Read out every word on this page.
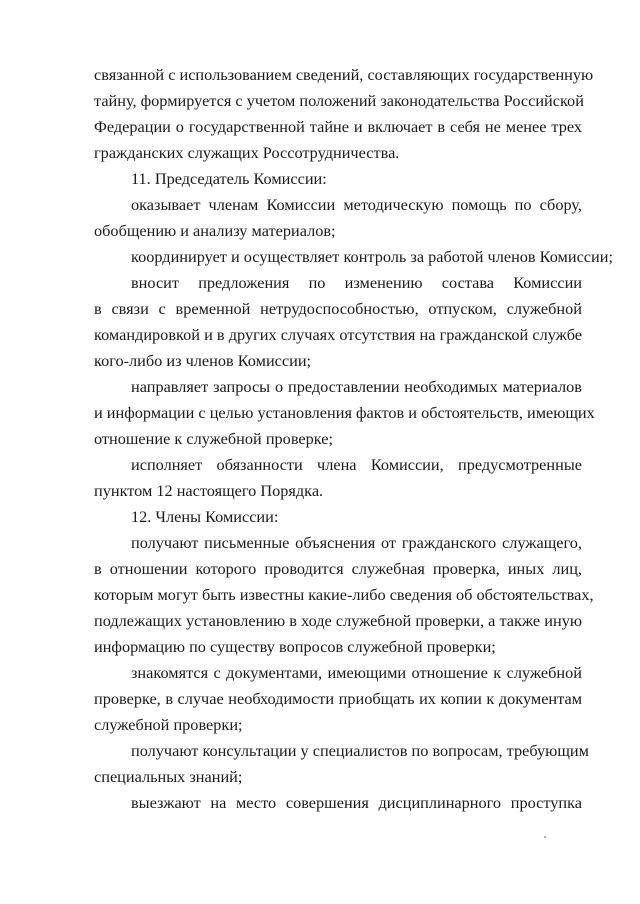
связанной с использованием сведений, составляющих государственную
тайну, формируется с учетом положений законодательства Российской
Федерации о государственной тайне и включает в себя не менее трех
гражданских служащих Россотрудничества.
11. Председатель Комиссии:
оказывает членам Комиссии методическую помощь по сбору,
обобщению и анализу материалов;
координирует и осуществляет контроль за работой членов Комиссии;
вносит предложения по изменению состава Комиссии
в связи с временной нетрудоспособностью, отпуском, служебной
командировкой и в других случаях отсутствия на гражданской службе
кого-либо из членов Комиссии;
направляет запросы о предоставлении необходимых материалов
и информации с целью установления фактов и обстоятельств, имеющих
отношение к служебной проверке;
исполняет обязанности члена Комиссии, предусмотренные
пунктом 12 настоящего Порядка.
12. Члены Комиссии:
получают письменные объяснения от гражданского служащего,
в отношении которого проводится служебная проверка, иных лиц,
которым могут быть известны какие-либо сведения об обстоятельствах,
подлежащих установлению в ходе служебной проверки, а также иную
информацию по существу вопросов служебной проверки;
знакомятся с документами, имеющими отношение к служебной
проверке, в случае необходимости приобщать их копии к документам
служебной проверки;
получают консультации у специалистов по вопросам, требующим
специальных знаний;
выезжают на место совершения дисциплинарного проступка
